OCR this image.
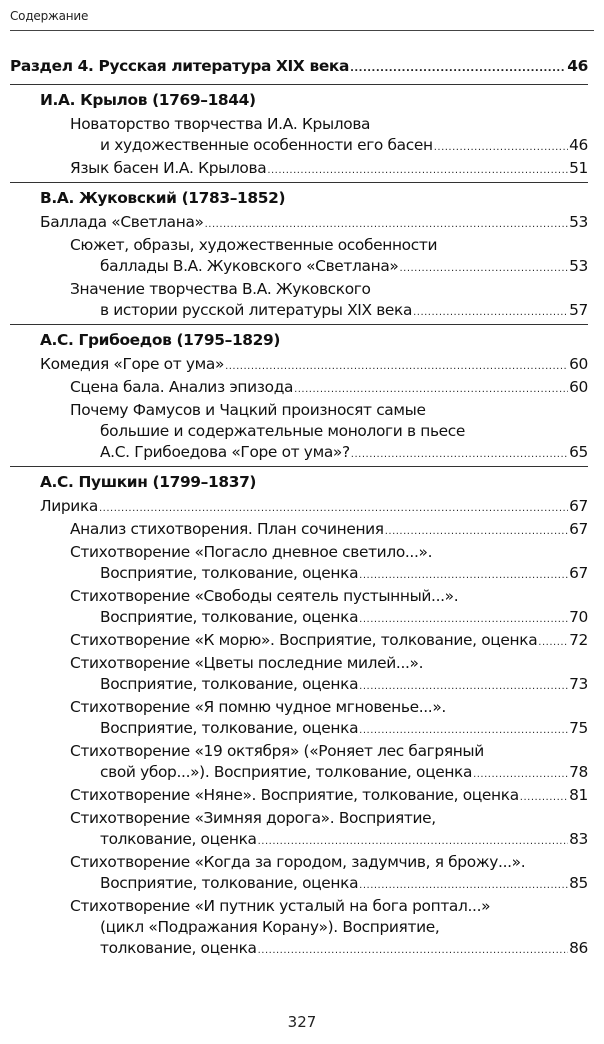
Содержание
Раздел 4. Русская литература XIX века .....	46
И.А. Крылов (1769–1844)
Новаторство творчества И.А. Крылова
и художественные особенности его басен .....	46
Язык басен И.А. Крылова .....	51
В.А. Жуковский (1783–1852)
Баллада «Светлана» .....	53
Сюжет, образы, художественные особенности
баллады В.А. Жуковского «Светлана» .....	53
Значение творчества В.А. Жуковского
в истории русской литературы XIX века .....	57
А.С. Грибоедов (1795–1829)
Комедия «Горе от ума» .....	60
Сцена бала. Анализ эпизода .....	60
Почему Фамусов и Чацкий произносят самые
большие и содержательные монологи в пьесе
А.С. Грибоедова «Горе от ума»? .....	65
А.С. Пушкин (1799–1837)
Лирика .....	67
Анализ стихотворения. План сочинения .....	67
Стихотворение «Погасло дневное светило...».
Восприятие, толкование, оценка .....	67
Стихотворение «Свободы сеятель пустынный...».
Восприятие, толкование, оценка .....	70
Стихотворение «К морю». Восприятие, толкование, оценка ..... 72
Стихотворение «Цветы последние милей...».
Восприятие, толкование, оценка .....	73
Стихотворение «Я помню чудное мгновенье...».
Восприятие, толкование, оценка .....	75
Стихотворение «19 октября» («Роняет лес багряный
свой убор...»). Восприятие, толкование, оценка .....	78
Стихотворение «Няне». Восприятие, толкование, оценка .....	81
Стихотворение «Зимняя дорога». Восприятие,
толкование, оценка .....	83
Стихотворение «Когда за городом, задумчив, я брожу...».
Восприятие, толкование, оценка .....	85
Стихотворение «И путник усталый на бога роптал...»
(цикл «Подражания Корану»). Восприятие,
толкование, оценка .....	86
327
